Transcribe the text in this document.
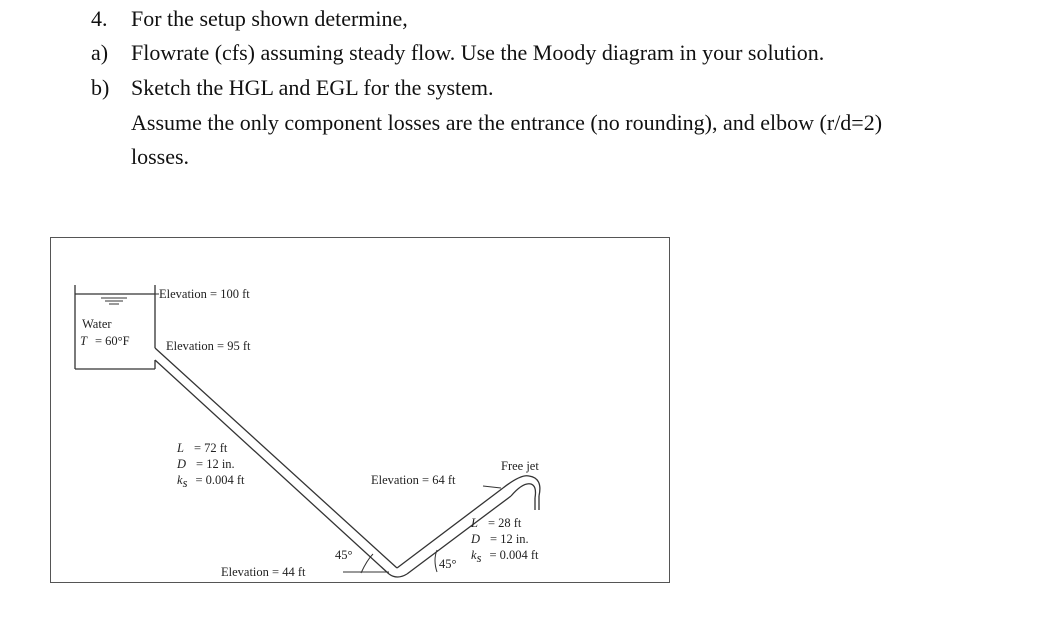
4. For the setup shown determine,
a) Flowrate (cfs) assuming steady flow. Use the Moody diagram in your solution.
b) Sketch the HGL and EGL for the system.
Assume the only component losses are the entrance (no rounding), and elbow (r/d=2)
losses.
Elevation = 100 ft
Water
T = 60°F	Elevation = 95 ft
L = 72 ft
D = 12 in.
ks = 0.004 ft
Elevation = 44 ft
45°
45°
Elevation = 64 ft
Free jet
L = 28 ft
D = 12 in.
ks = 0.004 ft
